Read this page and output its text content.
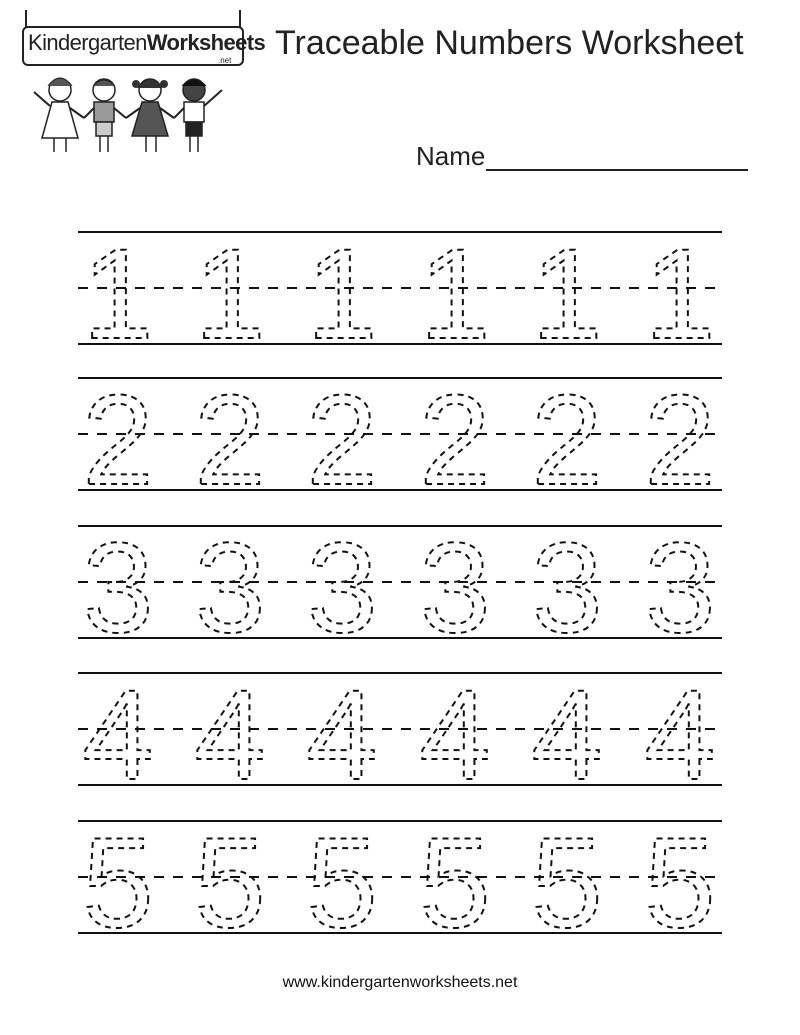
KindergartenWorksheets
.net Traceable Numbers Worksheet
Name
1 1 1 1 1 1
2 2 2 2 2 2
3 3 3 3 3 3
4 4 4 4 4 4
5 5 5 5 5 5
www.kindergartenworksheets.net
